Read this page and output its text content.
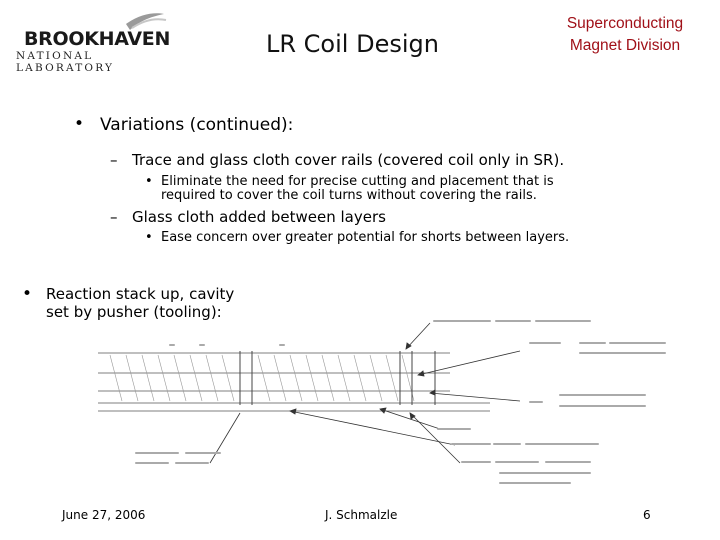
BROOKHAVEN
NATIONAL LABORATORY
LR Coil Design
Superconducting
Magnet Division
• Variations (continued):
– Trace and glass cloth cover rails (covered coil only in SR).
• Eliminate the need for precise cutting and placement that is
required to cover the coil turns without covering the rails.
– Glass cloth added between layers
• Ease concern over greater potential for shorts between layers.
• Reaction stack up, cavity
set by pusher (tooling):
June 27, 2006	J. Schmalzle	6
